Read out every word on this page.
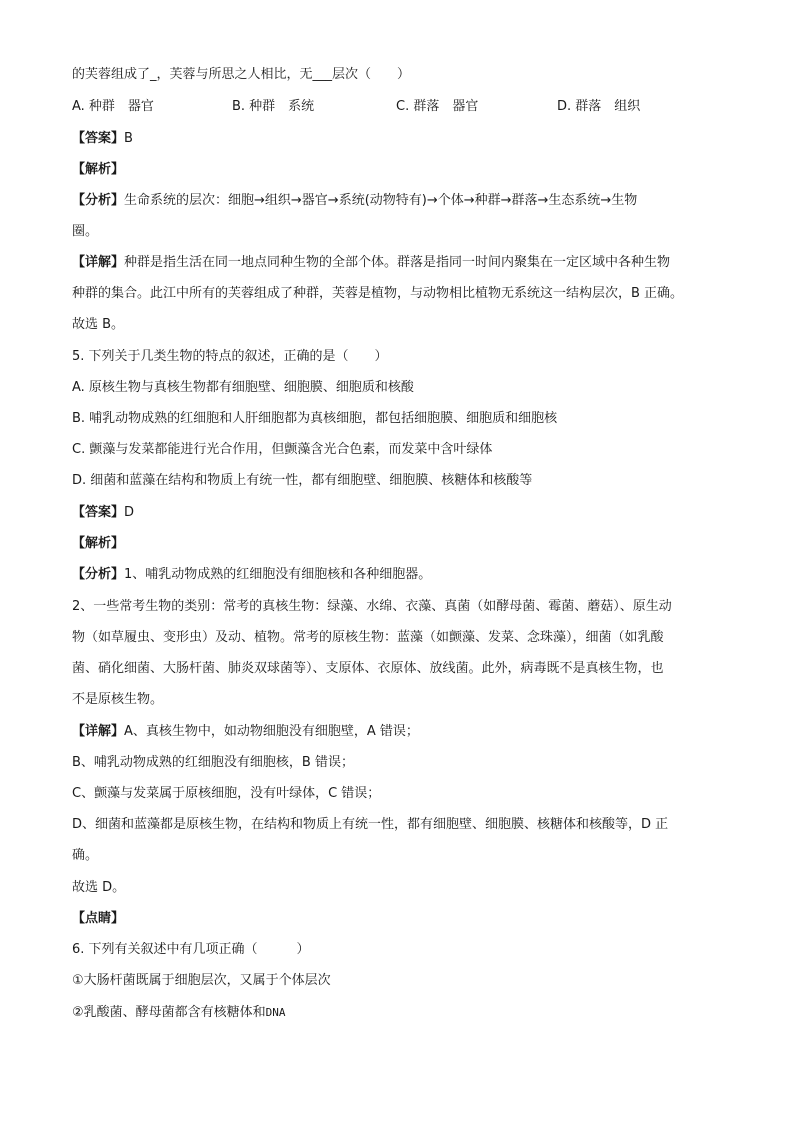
的芙蓉组成了_，芙蓉与所思之人相比，无___层次（　　）
A. 种群　器官	B. 种群　系统	C. 群落　器官	D. 群落　组织
【答案】B
【解析】
【分析】生命系统的层次：细胞→组织→器官→系统(动物特有)→个体→种群→群落→生态系统→生物
圈。
【详解】种群是指生活在同一地点同种生物的全部个体。群落是指同一时间内聚集在一定区域中各种生物
种群的集合。此江中所有的芙蓉组成了种群，芙蓉是植物，与动物相比植物无系统这一结构层次，B 正确。
故选 B。
5. 下列关于几类生物的特点的叙述，正确的是（　　）
A. 原核生物与真核生物都有细胞壁、细胞膜、细胞质和核酸
B. 哺乳动物成熟的红细胞和人肝细胞都为真核细胞，都包括细胞膜、细胞质和细胞核
C. 颤藻与发菜都能进行光合作用，但颤藻含光合色素，而发菜中含叶绿体
D. 细菌和蓝藻在结构和物质上有统一性，都有细胞壁、细胞膜、核糖体和核酸等
【答案】D
【解析】
【分析】1、哺乳动物成熟的红细胞没有细胞核和各种细胞器。
2、一些常考生物的类别：常考的真核生物：绿藻、水绵、衣藻、真菌（如酵母菌、霉菌、蘑菇）、原生动
物（如草履虫、变形虫）及动、植物。常考的原核生物：蓝藻（如颤藻、发菜、念珠藻），细菌（如乳酸
菌、硝化细菌、大肠杆菌、肺炎双球菌等）、支原体、衣原体、放线菌。此外，病毒既不是真核生物，也
不是原核生物。
【详解】A、真核生物中，如动物细胞没有细胞壁，A 错误；
B、哺乳动物成熟的红细胞没有细胞核，B 错误；
C、颤藻与发菜属于原核细胞，没有叶绿体，C 错误；
D、细菌和蓝藻都是原核生物，在结构和物质上有统一性，都有细胞壁、细胞膜、核糖体和核酸等，D 正
确。
故选 D。
【点睛】
6. 下列有关叙述中有几项正确（　　　）
①大肠杆菌既属于细胞层次，又属于个体层次
②乳酸菌、酵母菌都含有核糖体和DNA
